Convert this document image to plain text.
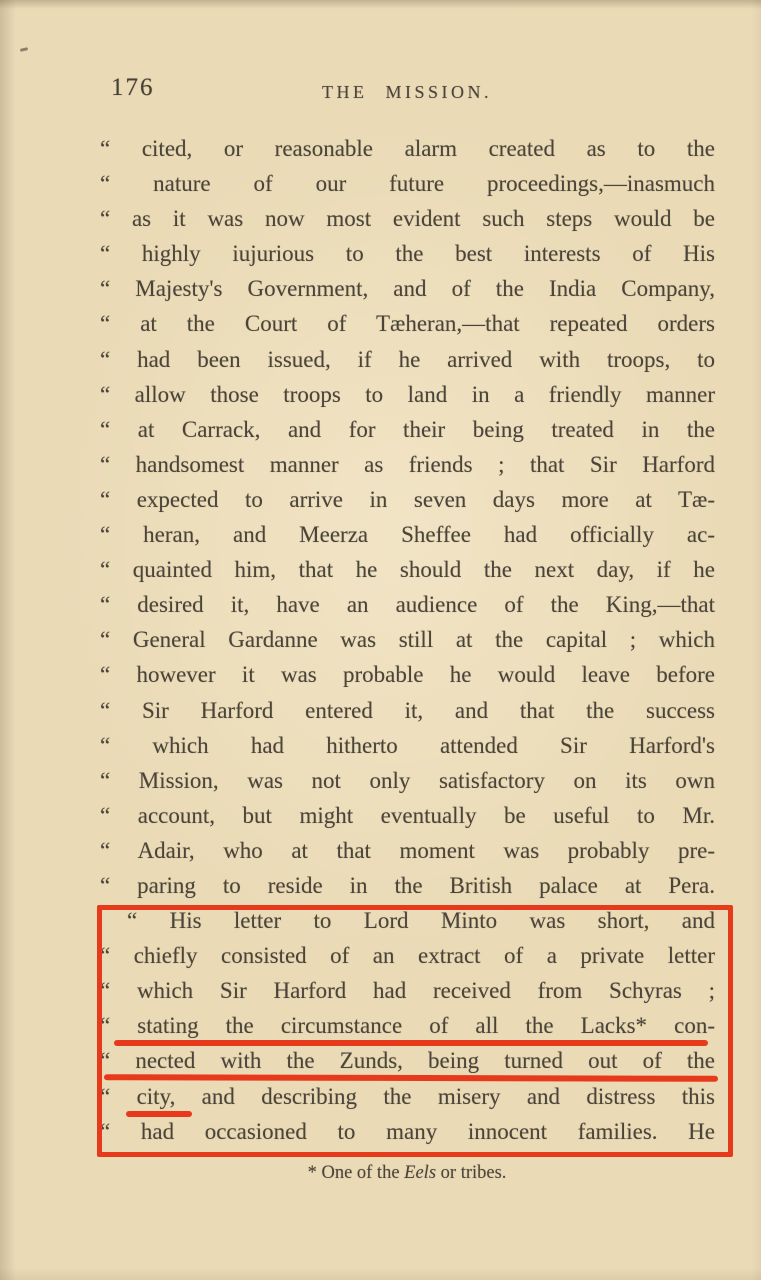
176	THE MISSION.
“ cited, or reasonable alarm created as to the
“ nature of our future proceedings,—inasmuch
“ as it was now most evident such steps would be
“ highly iujurious to the best interests of His
“ Majesty's Government, and of the India Company,
“ at the Court of Tæheran,—that repeated orders
“ had been issued, if he arrived with troops, to
“ allow those troops to land in a friendly manner
“ at Carrack, and for their being treated in the
“ handsomest manner as friends ; that Sir Harford
“ expected to arrive in seven days more at Tæ-
“ heran, and Meerza Sheffee had officially ac-
“ quainted him, that he should the next day, if he
“ desired it, have an audience of the King,—that
“ General Gardanne was still at the capital ; which
“ however it was probable he would leave before
“ Sir Harford entered it, and that the success
“ which had hitherto attended Sir Harford's
“ Mission, was not only satisfactory on its own
“ account, but might eventually be useful to Mr.
“ Adair, who at that moment was probably pre-
“ paring to reside in the British palace at Pera.
“ His letter to Lord Minto was short, and
“ chiefly consisted of an extract of a private letter
“ which Sir Harford had received from Schyras ;
“ stating the circumstance of all the Lacks* con-
“ nected with the Zunds, being turned out of the
“ city, and describing the misery and distress this
“ had occasioned to many innocent families. He
* One of the Eels or tribes.
